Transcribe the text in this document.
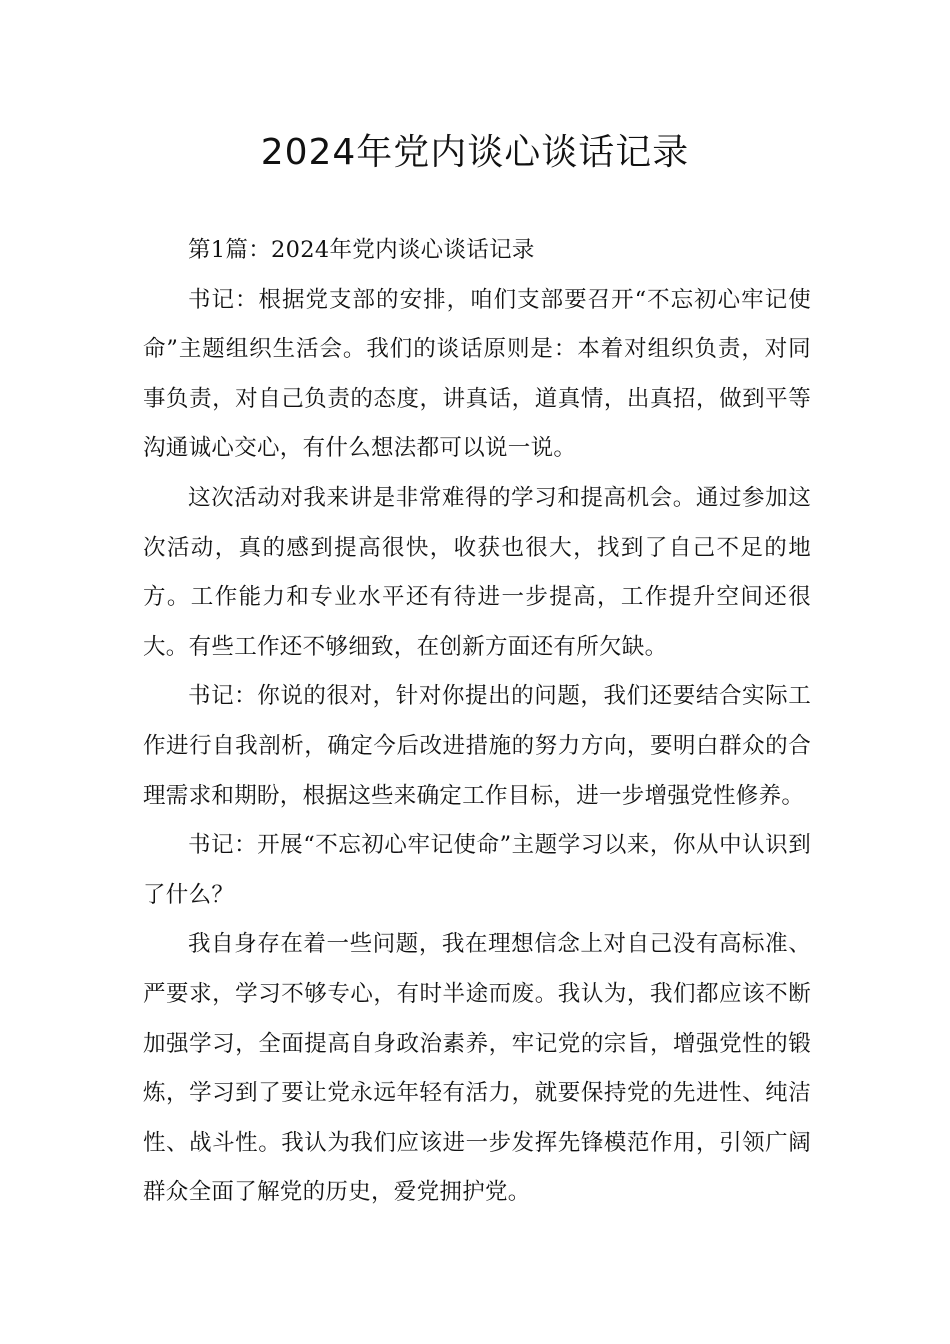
2024年党内谈心谈话记录

第1篇：2024年党内谈心谈话记录

书记：根据党支部的安排，咱们支部要召开“不忘初心牢记使命”主题组织生活会。我们的谈话原则是：本着对组织负责，对同事负责，对自己负责的态度，讲真话，道真情，出真招，做到平等沟通诚心交心，有什么想法都可以说一说。

这次活动对我来讲是非常难得的学习和提高机会。通过参加这次活动，真的感到提高很快，收获也很大，找到了自己不足的地方。工作能力和专业水平还有待进一步提高，工作提升空间还很大。有些工作还不够细致，在创新方面还有所欠缺。

书记：你说的很对，针对你提出的问题，我们还要结合实际工作进行自我剖析，确定今后改进措施的努力方向，要明白群众的合理需求和期盼，根据这些来确定工作目标，进一步增强党性修养。

书记：开展“不忘初心牢记使命”主题学习以来，你从中认识到了什么？

我自身存在着一些问题，我在理想信念上对自己没有高标准、严要求，学习不够专心，有时半途而废。我认为，我们都应该不断加强学习，全面提高自身政治素养，牢记党的宗旨，增强党性的锻炼，学习到了要让党永远年轻有活力，就要保持党的先进性、纯洁性、战斗性。我认为我们应该进一步发挥先锋模范作用，引领广阔群众全面了解党的历史，爱党拥护党。
